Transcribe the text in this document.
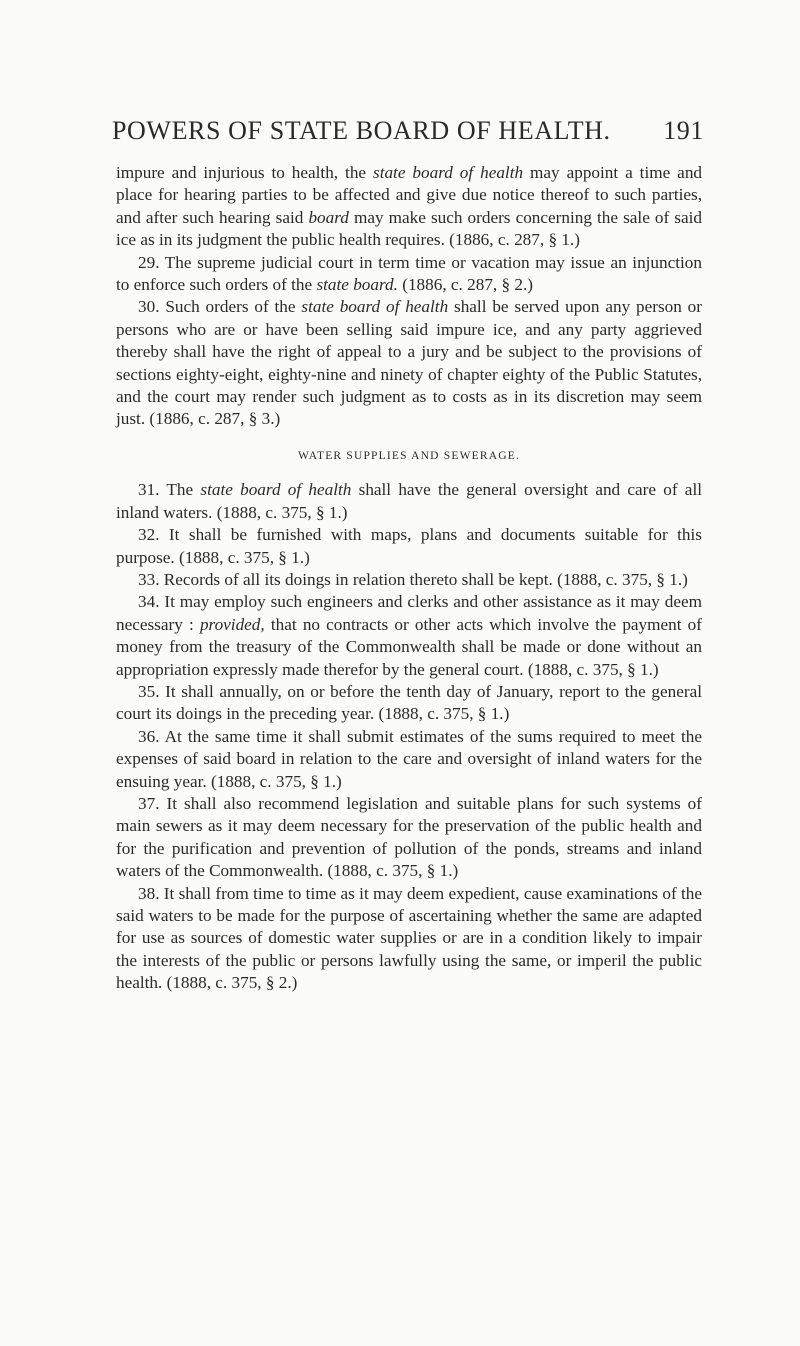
POWERS OF STATE BOARD OF HEALTH. 191

impure and injurious to health, the state board of health may appoint a time and place for hearing parties to be affected and give due notice thereof to such parties, and after such hearing said board may make such orders concerning the sale of said ice as in its judgment the public health requires. (1886, c. 287, § 1.)

29. The supreme judicial court in term time or vacation may issue an injunction to enforce such orders of the state board. (1886, c. 287, § 2.)

30. Such orders of the state board of health shall be served upon any person or persons who are or have been selling said impure ice, and any party aggrieved thereby shall have the right of appeal to a jury and be subject to the provisions of sections eighty-eight, eighty-nine and ninety of chapter eighty of the Public Statutes, and the court may render such judgment as to costs as in its discretion may seem just. (1886, c. 287, § 3.)

WATER SUPPLIES AND SEWERAGE.

31. The state board of health shall have the general oversight and care of all inland waters. (1888, c. 375, § 1.)

32. It shall be furnished with maps, plans and documents suitable for this purpose. (1888, c. 375, § 1.)

33. Records of all its doings in relation thereto shall be kept. (1888, c. 375, § 1.)

34. It may employ such engineers and clerks and other assistance as it may deem necessary : provided, that no contracts or other acts which involve the payment of money from the treasury of the Commonwealth shall be made or done without an appropriation expressly made therefor by the general court. (1888, c. 375, § 1.)

35. It shall annually, on or before the tenth day of January, report to the general court its doings in the preceding year. (1888, c. 375, § 1.)

36. At the same time it shall submit estimates of the sums required to meet the expenses of said board in relation to the care and oversight of inland waters for the ensuing year. (1888, c. 375, § 1.)

37. It shall also recommend legislation and suitable plans for such systems of main sewers as it may deem necessary for the preservation of the public health and for the purification and prevention of pollution of the ponds, streams and inland waters of the Commonwealth. (1888, c. 375, § 1.)

38. It shall from time to time as it may deem expedient, cause examinations of the said waters to be made for the purpose of ascertaining whether the same are adapted for use as sources of domestic water supplies or are in a condition likely to impair the interests of the public or persons lawfully using the same, or imperil the public health. (1888, c. 375, § 2.)
